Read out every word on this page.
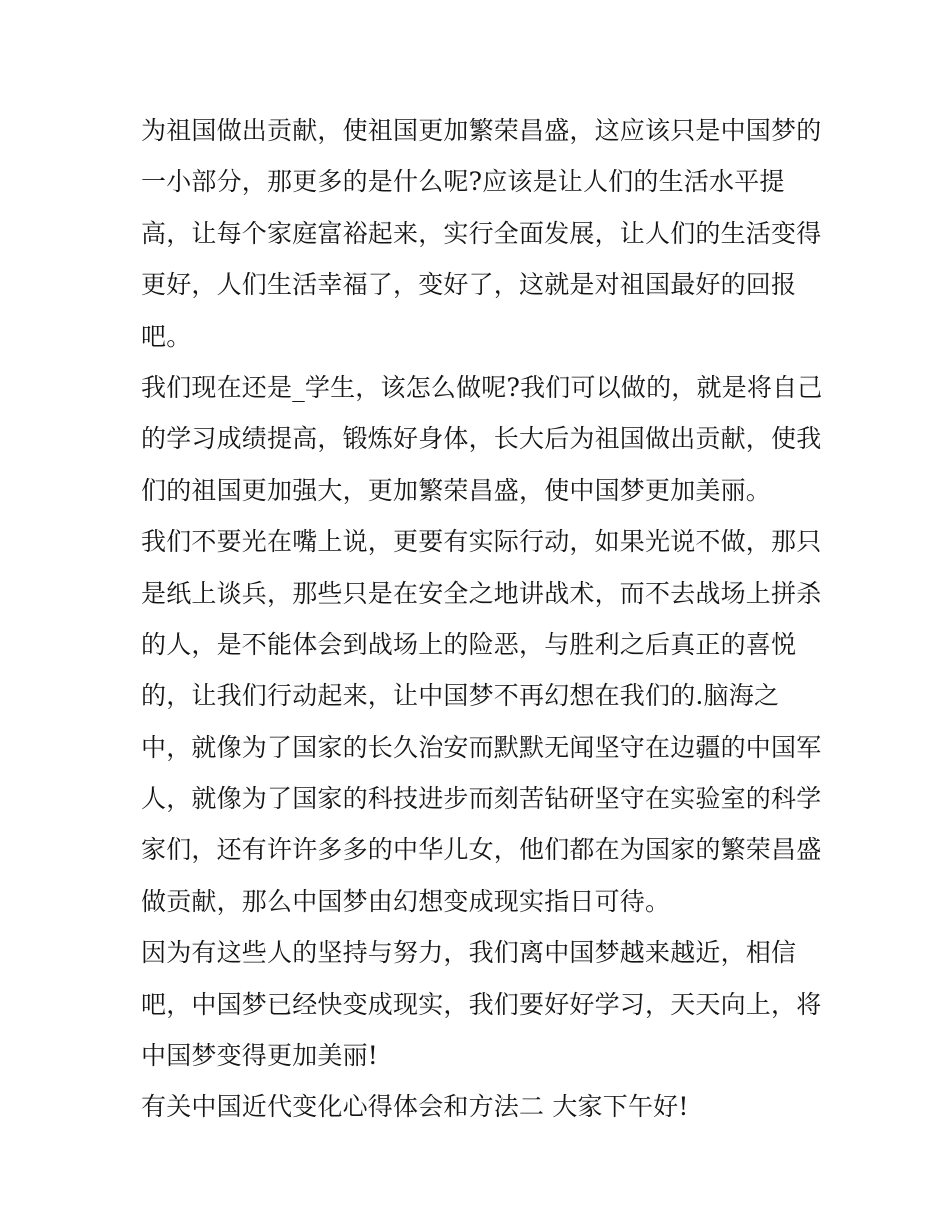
为祖国做出贡献，使祖国更加繁荣昌盛，这应该只是中国梦的
一小部分，那更多的是什么呢?应该是让人们的生活水平提
高，让每个家庭富裕起来，实行全面发展，让人们的生活变得
更好，人们生活幸福了，变好了，这就是对祖国最好的回报
吧。
我们现在还是_学生，该怎么做呢?我们可以做的，就是将自己
的学习成绩提高，锻炼好身体，长大后为祖国做出贡献，使我
们的祖国更加强大，更加繁荣昌盛，使中国梦更加美丽。
我们不要光在嘴上说，更要有实际行动，如果光说不做，那只
是纸上谈兵，那些只是在安全之地讲战术，而不去战场上拼杀
的人，是不能体会到战场上的险恶，与胜利之后真正的喜悦
的，让我们行动起来，让中国梦不再幻想在我们的.脑海之
中，就像为了国家的长久治安而默默无闻坚守在边疆的中国军
人，就像为了国家的科技进步而刻苦钻研坚守在实验室的科学
家们，还有许许多多的中华儿女，他们都在为国家的繁荣昌盛
做贡献，那么中国梦由幻想变成现实指日可待。
因为有这些人的坚持与努力，我们离中国梦越来越近，相信
吧，中国梦已经快变成现实，我们要好好学习，天天向上，将
中国梦变得更加美丽!
有关中国近代变化心得体会和方法二 大家下午好!
